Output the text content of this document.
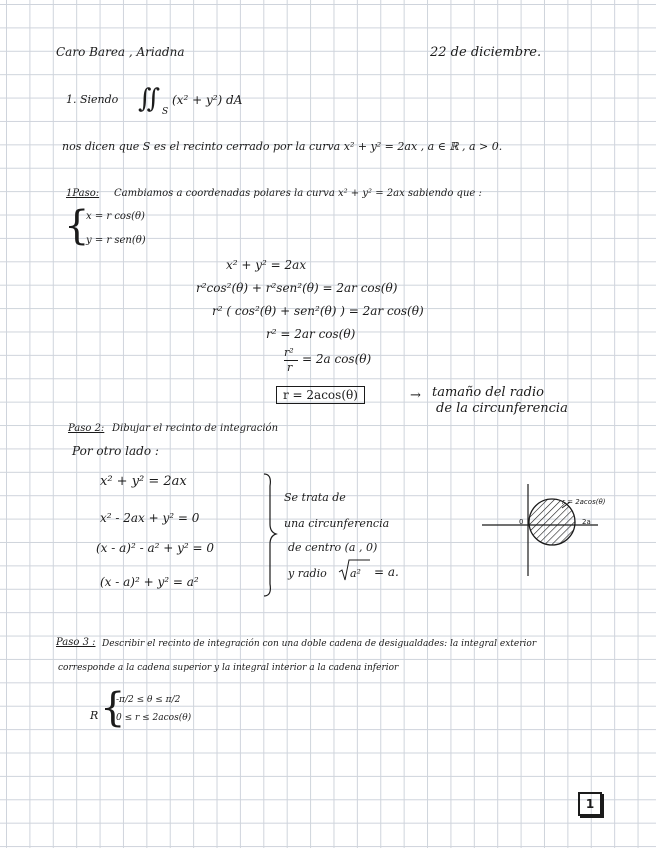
Caro Barea , Ariadna	22 de diciembre.
1. Siendo ∬ S
(x² + y²) dA
nos dicen que S es el recinto cerrado por la curva x² + y² = 2ax , a ∈ ℝ , a > 0.
1Paso: Cambiamos a coordenadas polares la curva x² + y² = 2ax sabiendo que :
{
x = r cos(θ)
y = r sen(θ)
x² + y² = 2ax
r²cos²(θ) + r²sen²(θ) = 2ar cos(θ)
r² ( cos²(θ) + sen²(θ) ) = 2ar cos(θ)
r² = 2ar cos(θ)
r²
r
= 2a cos(θ)
r = 2acos(θ)	→ tamaño del radio
de la circunferencia
Paso 2: Dibujar el recinto de integración
Por otro lado :
x² + y² = 2ax
x² - 2ax + y² = 0
(x - a)² - a² + y² = 0
(x - a)² + y² = a²
Se trata de
una circunferencia
de centro (a , 0)
y radio a² = a.
Paso 3 : Describir el recinto de integración con una doble cadena de desigualdades: la integral exterior
corresponde a la cadena superior y la integral interior a la cadena inferior
R {
-π/2 ≤ θ ≤ π/2
0 ≤ r ≤ 2acos(θ)
r = 2acos(θ)
0	2a
1
